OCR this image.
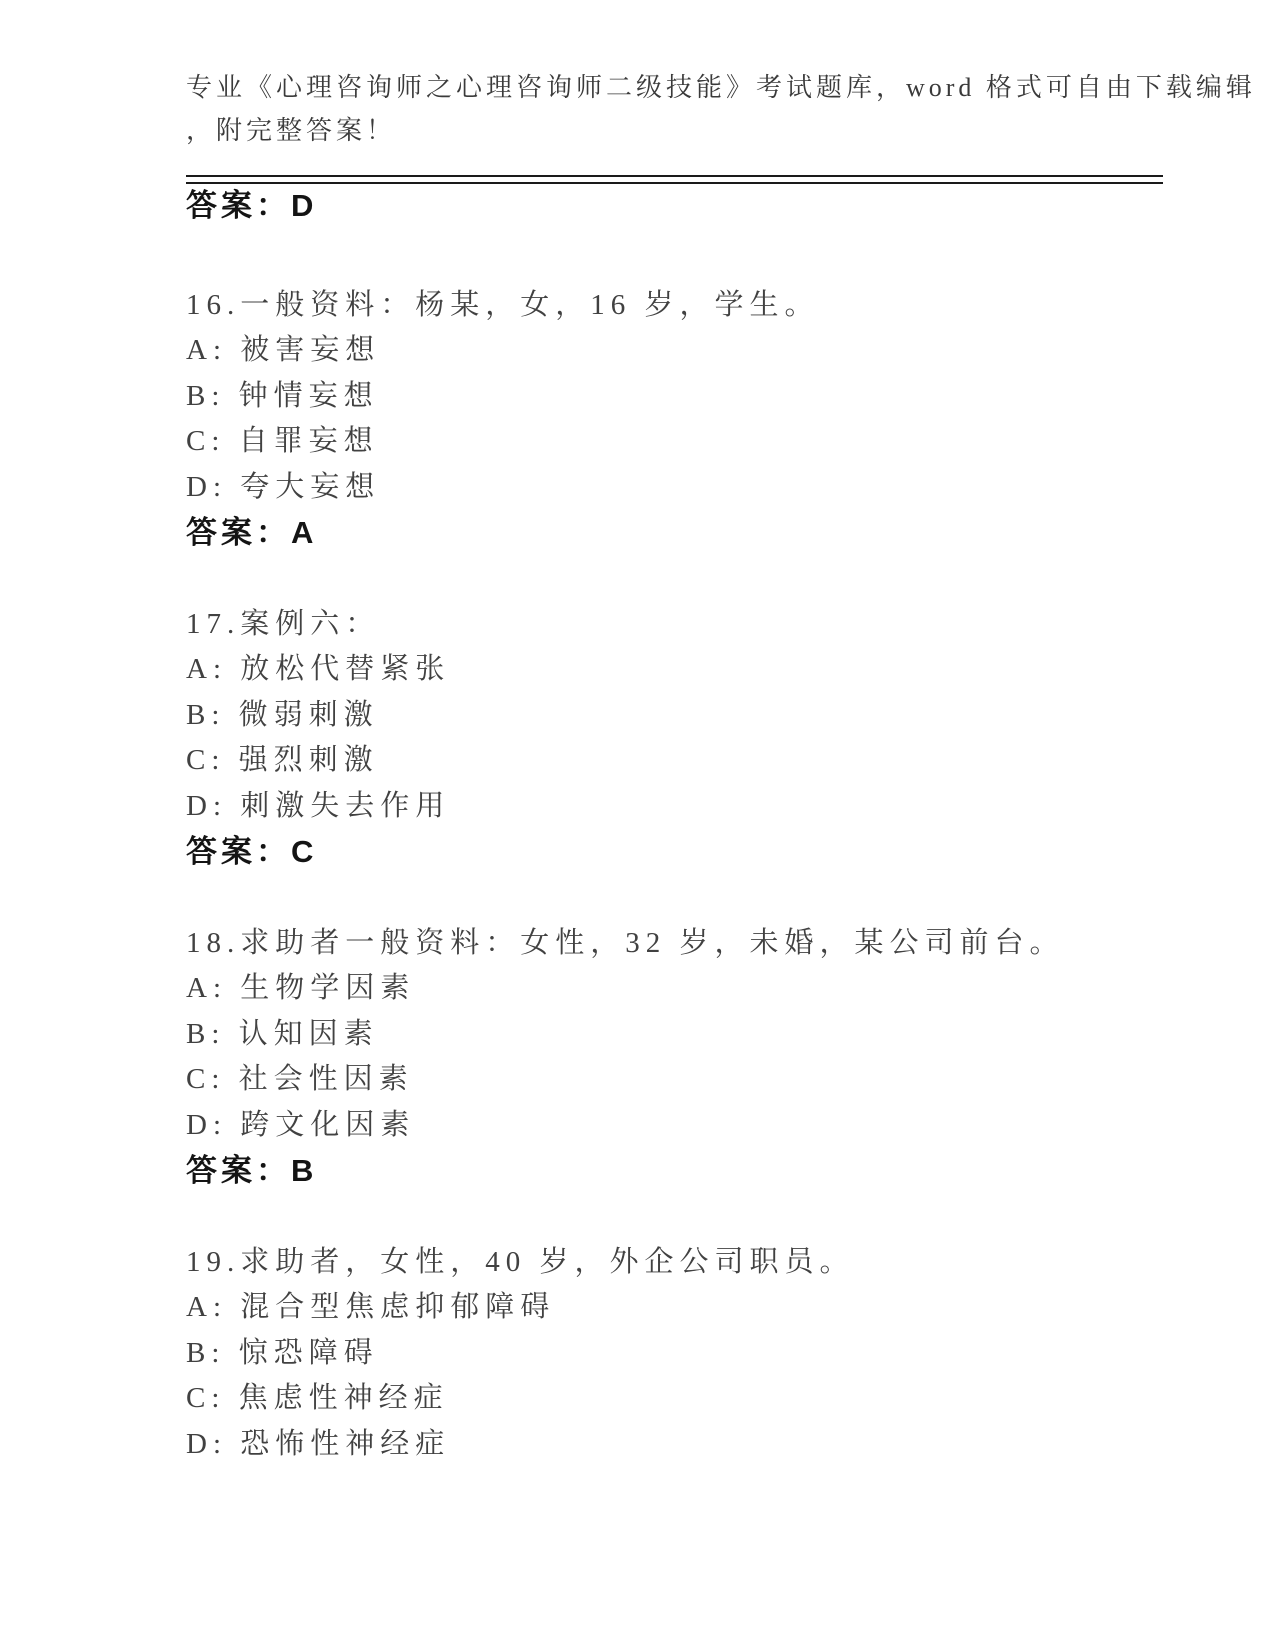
专业《心理咨询师之心理咨询师二级技能》考试题库，word 格式可自由下载编辑
，附完整答案！
答案：D
16.一般资料：杨某，女，16 岁，学生。
A: 被害妄想
B: 钟情妄想
C: 自罪妄想
D: 夸大妄想
答案：A
17.案例六：
A: 放松代替紧张
B: 微弱刺激
C: 强烈刺激
D: 刺激失去作用
答案：C
18.求助者一般资料：女性，32 岁，未婚，某公司前台。
A: 生物学因素
B: 认知因素
C: 社会性因素
D: 跨文化因素
答案：B
19.求助者，女性，40 岁，外企公司职员。
A: 混合型焦虑抑郁障碍
B: 惊恐障碍
C: 焦虑性神经症
D: 恐怖性神经症
